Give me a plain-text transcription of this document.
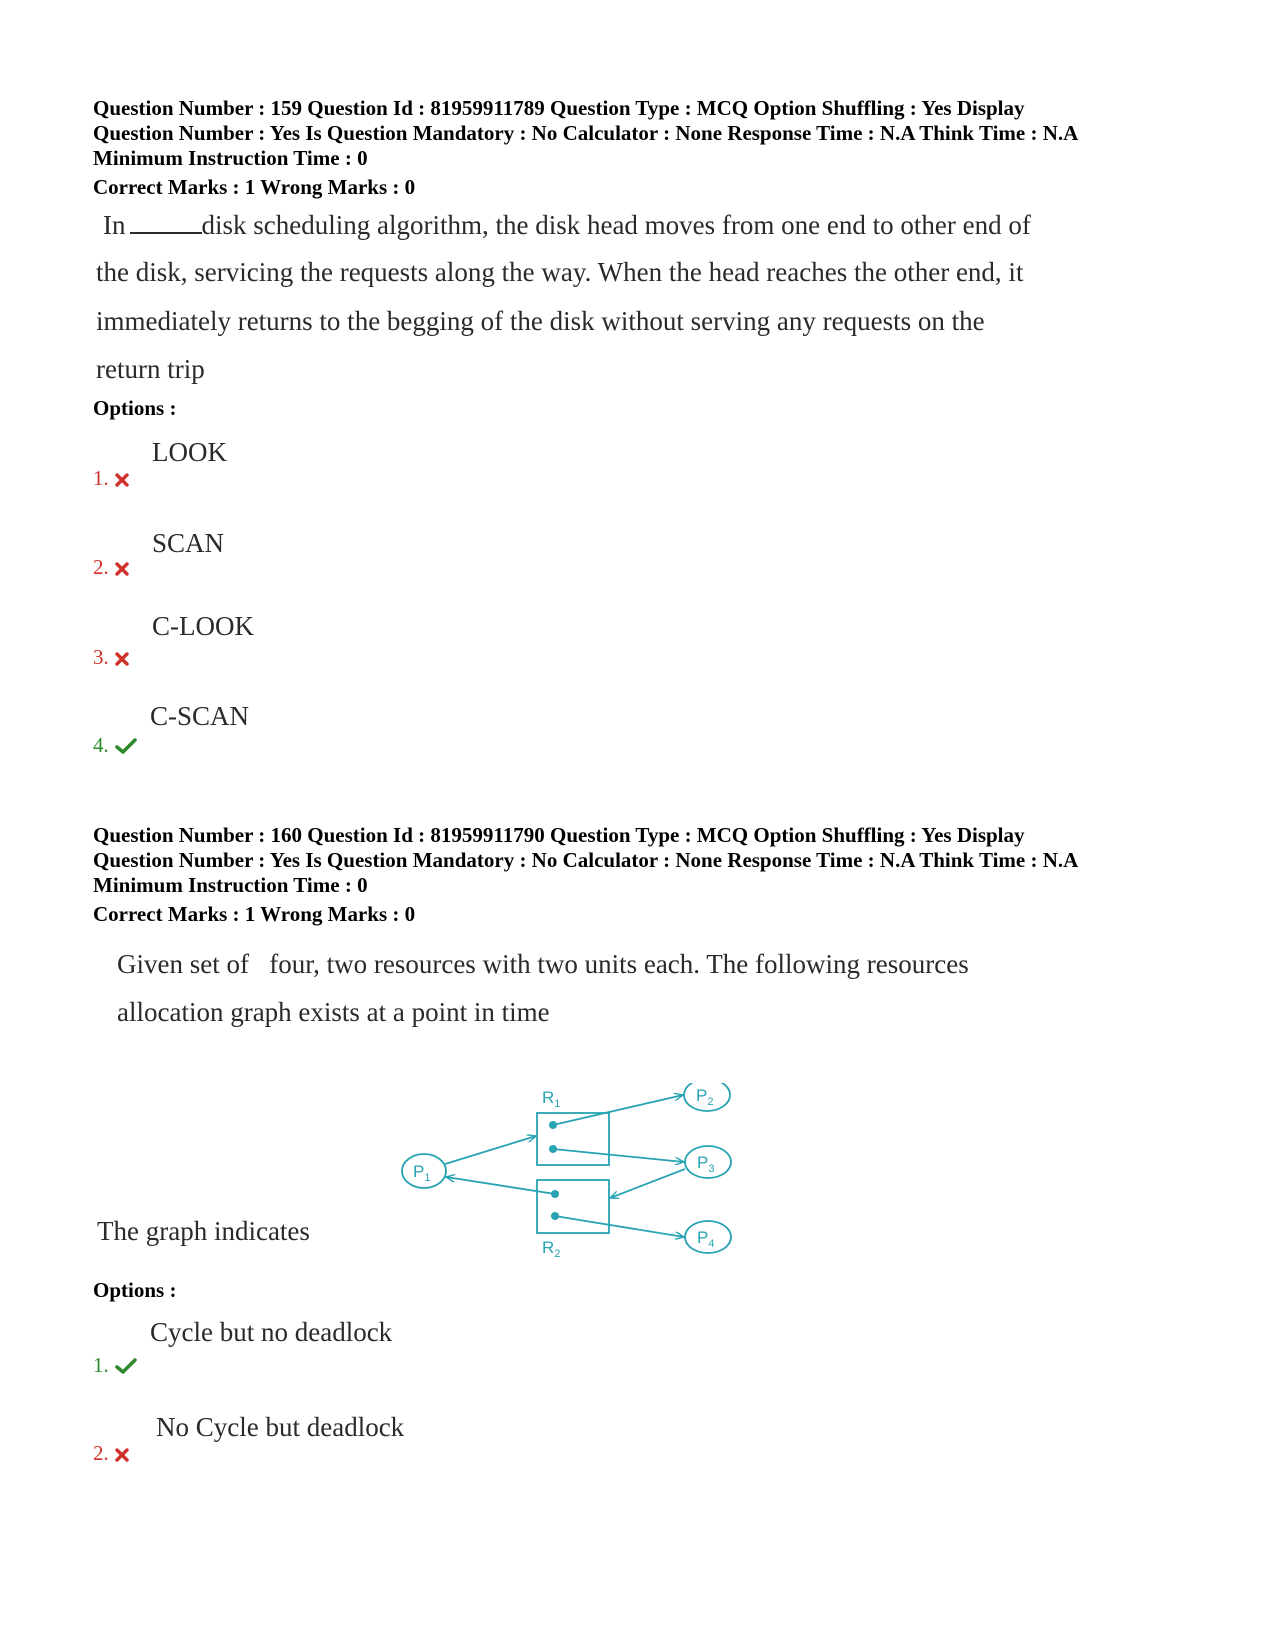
Question Number : 159 Question Id : 81959911789 Question Type : MCQ Option Shuffling : Yes Display
Question Number : Yes Is Question Mandatory : No Calculator : None Response Time : N.A Think Time : N.A
Minimum Instruction Time : 0
Correct Marks : 1 Wrong Marks : 0
In	disk scheduling algorithm, the disk head moves from one end to other end of
the disk, servicing the requests along the way. When the head reaches the other end, it
immediately returns to the begging of the disk without serving any requests on the
return trip
Options :
LOOK
1.
SCAN
2.
C-LOOK
3.
C-SCAN
4.
Question Number : 160 Question Id : 81959911790 Question Type : MCQ Option Shuffling : Yes Display
Question Number : Yes Is Question Mandatory : No Calculator : None Response Time : N.A Think Time : N.A
Minimum Instruction Time : 0
Correct Marks : 1 Wrong Marks : 0
Given set of   four, two resources with two units each. The following resources
allocation graph exists at a point in time
$R_1$
$R_2$
$P_1$
$P_2$
$P_3$
$P_4$
The graph indicates
Options :
Cycle but no deadlock
1.
No Cycle but deadlock
2.
